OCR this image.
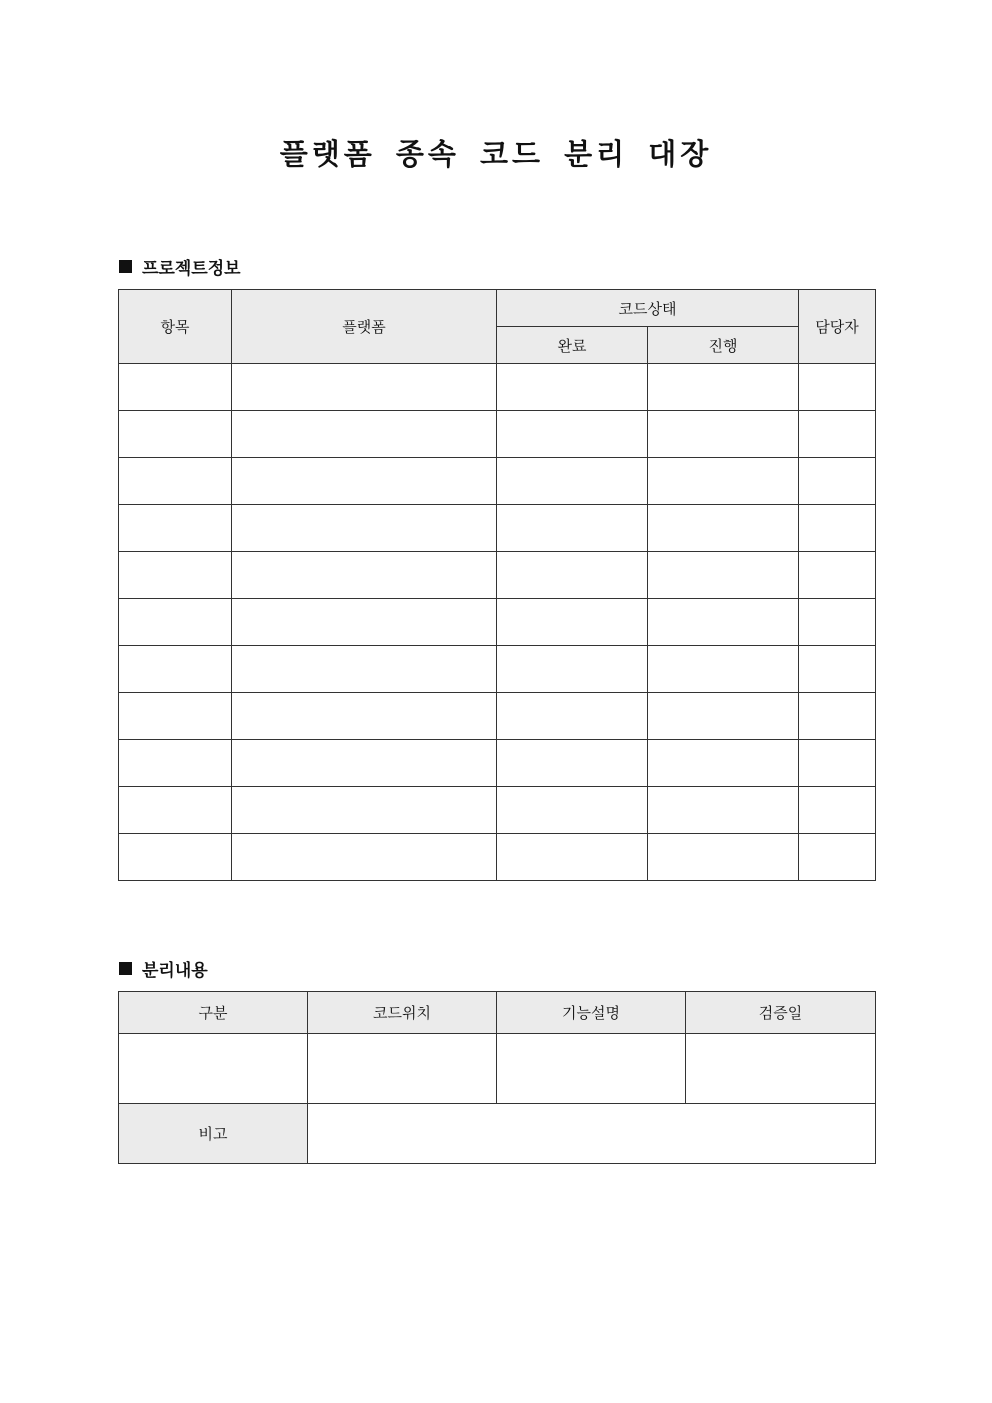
플랫폼 종속 코드 분리 대장
프로젝트정보
항목	플랫폼	코드상태		담당자
		완료	진행	

분리내용
구분	코드위치	기능설명	검증일

비고			
